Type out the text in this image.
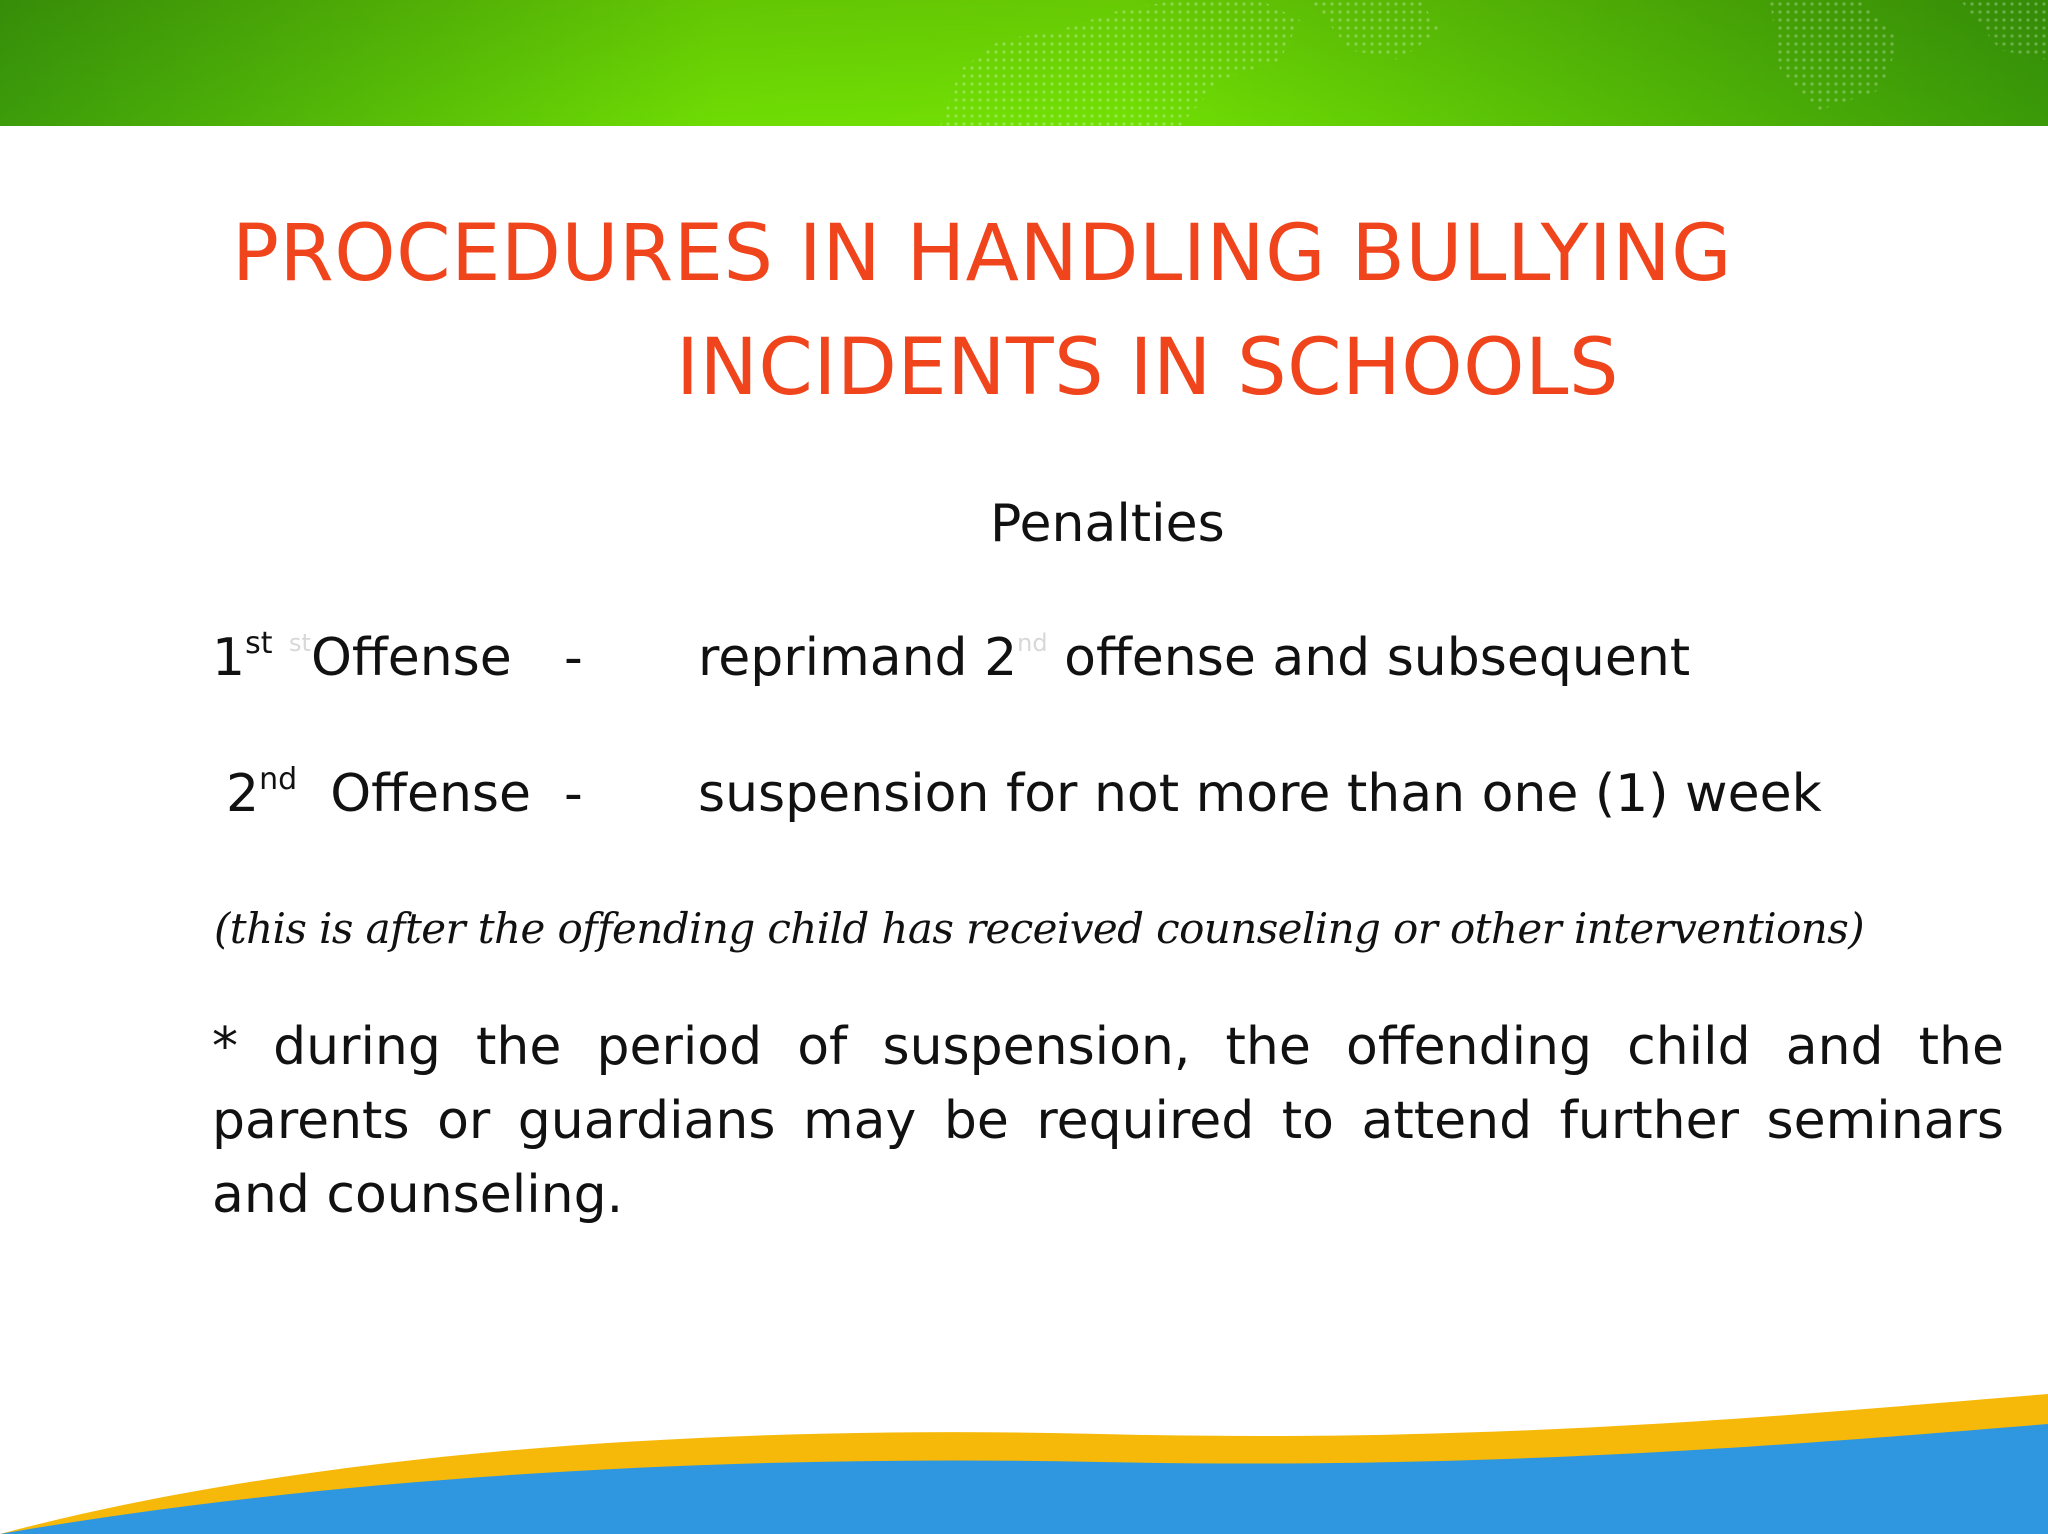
PROCEDURES IN HANDLING BULLYING
INCIDENTS IN SCHOOLS
Penalties
1st $^{st}$Offense - reprimand 2nd offense and subsequent
2nd Offense - suspension for not more than one (1) week
(this is after the offending child has received counseling or other interventions)
* during the period of suspension, the offending child and the parents or guardians may be required to attend further seminars and counseling.
